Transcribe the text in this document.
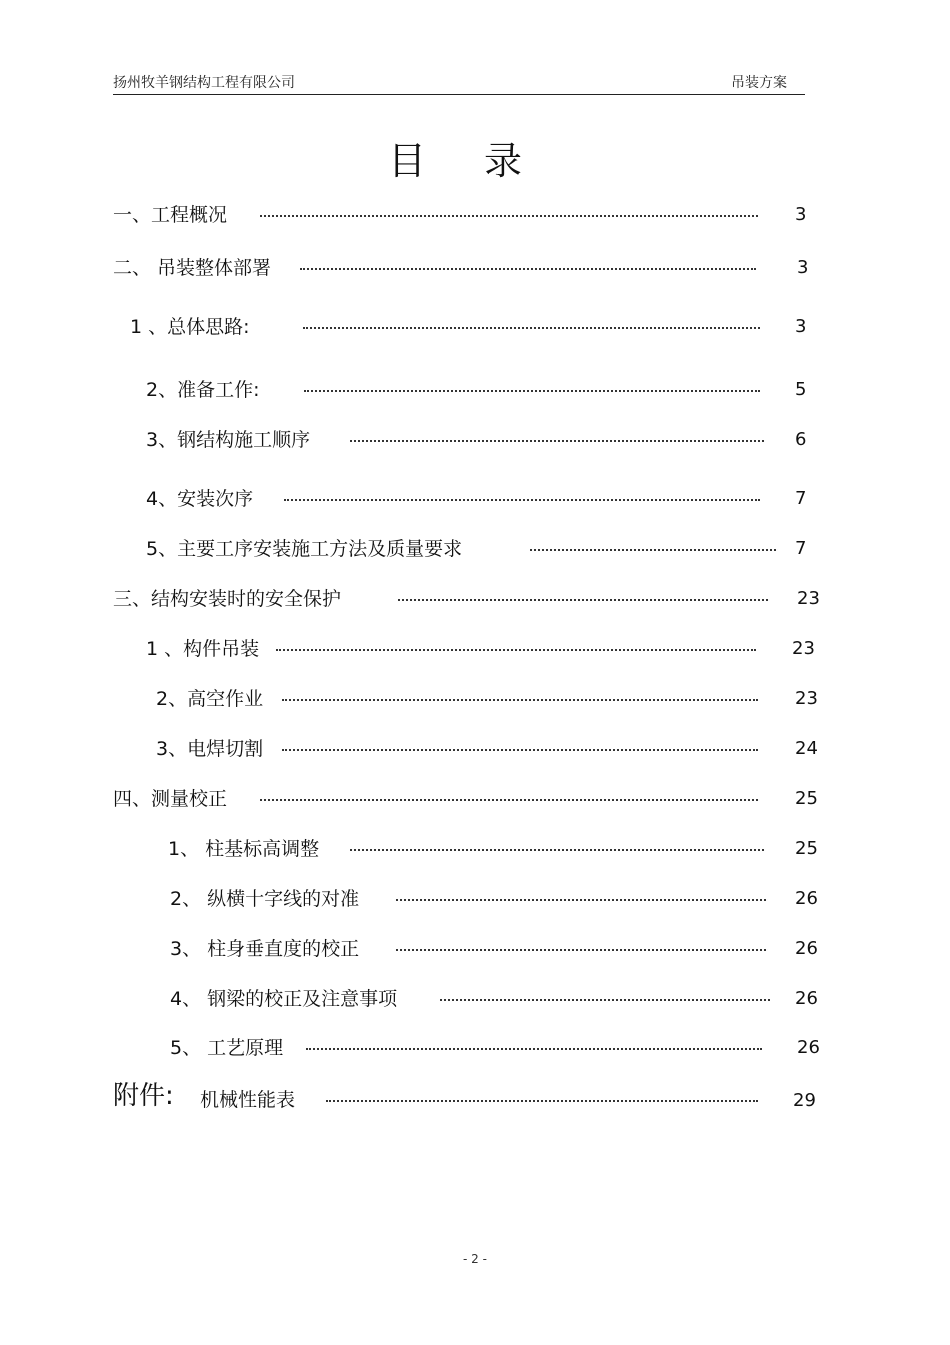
扬州牧羊钢结构工程有限公司	吊装方案
目录
一、工程概况	3
二、 吊装整体部署	3
1 、总体思路:	3
2、准备工作:	5
3、钢结构施工顺序	6
4、安装次序	7
5、主要工序安装施工方法及质量要求	7
三、结构安装时的安全保护	23
1 、构件吊装	23
2、高空作业	23
3、电焊切割	24
四、测量校正	25
1、 柱基标高调整	25
2、 纵横十字线的对准	26
3、 柱身垂直度的校正	26
4、 钢梁的校正及注意事项	26
5、 工艺原理	26
附件: 机械性能表	29
- 2 -
